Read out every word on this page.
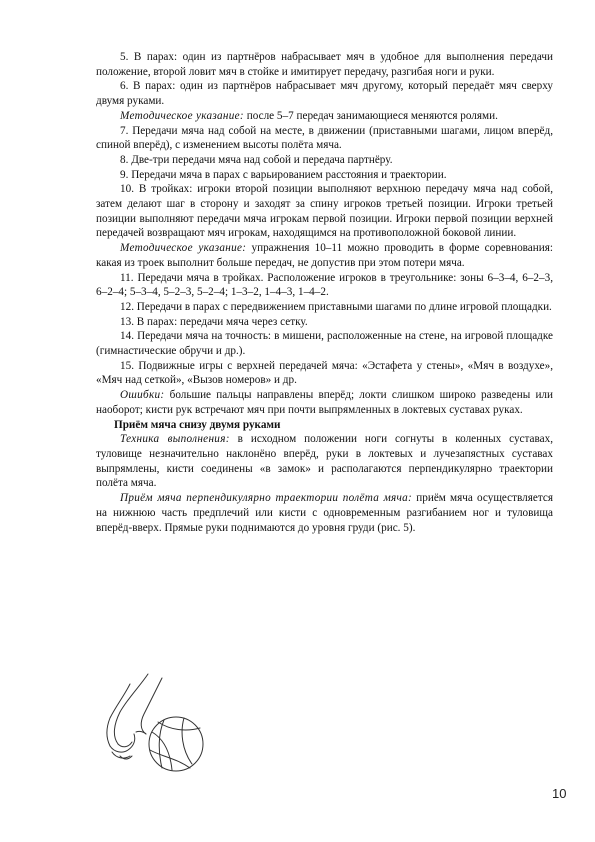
5. В парах: один из партнёров набрасывает мяч в удобное для выполнения передачи положение, второй ловит мяч в стойке и имитирует передачу, разгибая ноги и руки.

6. В парах: один из партнёров набрасывает мяч другому, который передаёт мяч сверху двумя руками.

Методическое указание: после 5–7 передач занимающиеся меняются ролями.

7. Передачи мяча над собой на месте, в движении (приставными шагами, лицом вперёд, спиной вперёд), с изменением высоты полёта мяча.

8. Две-три передачи мяча над собой и передача партнёру.

9. Передачи мяча в парах с варьированием расстояния и траектории.

10. В тройках: игроки второй позиции выполняют верхнюю передачу мяча над собой, затем делают шаг в сторону и заходят за спину игроков третьей позиции. Игроки третьей позиции выполняют передачи мяча игрокам первой позиции. Игроки первой позиции верхней передачей возвращают мяч игрокам, находящимся на противоположной боковой линии.

Методическое указание: упражнения 10–11 можно проводить в форме соревнования: какая из троек выполнит больше передач, не допустив при этом потери мяча.

11. Передачи мяча в тройках. Расположение игроков в треугольнике: зоны 6–3–4, 6–2–3, 6–2–4; 5–3–4, 5–2–3, 5–2–4; 1–3–2, 1–4–3, 1–4–2.

12. Передачи в парах с передвижением приставными шагами по длине игровой площадки.

13. В парах: передачи мяча через сетку.

14. Передачи мяча на точность: в мишени, расположенные на стене, на игровой площадке (гимнастические обручи и др.).

15. Подвижные игры с верхней передачей мяча: «Эстафета у стены», «Мяч в воздухе», «Мяч над сеткой», «Вызов номеров» и др.

Ошибки: большие пальцы направлены вперёд; локти слишком широко разведены или наоборот; кисти рук встречают мяч при почти выпрямленных в локтевых суставах руках.

Приём мяча снизу двумя руками

Техника выполнения: в исходном положении ноги согнуты в коленных суставах, туловище незначительно наклонёно вперёд, руки в локтевых и лучезапястных суставах выпрямлены, кисти соединены «в замок» и располагаются перпендикулярно траектории полёта мяча.

Приём мяча перпендикулярно траектории полёта мяча: приём мяча осуществляется на нижнюю часть предплечий или кисти с одновременным разгибанием ног и туловища вперёд-вверх. Прямые руки поднимаются до уровня груди (рис. 5).

10
